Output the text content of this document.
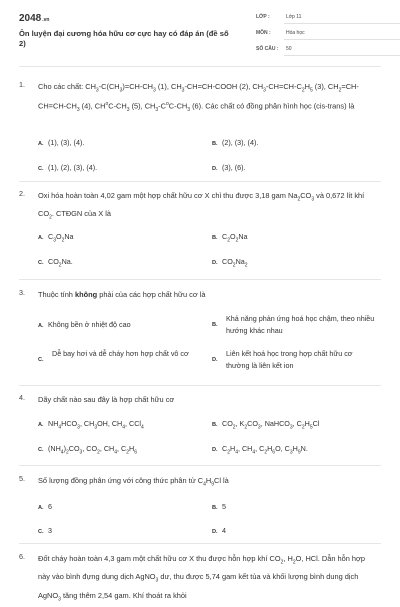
2048.vn
Ôn luyện đại cương hóa hữu cơ cực hay có đáp án (đề số 2)
LỚP :	Lớp 11
MÔN :	Hóa học
SỐ CÂU : 50
1. Cho các chất: $CH_3-C(CH_3)=CH-CH_3$ (1), $CH_3-CH=CH$-COOH (2), $CH_3-CH=CH-C_2H_5$ (3), $CH_2=CH-CH=CH-CH_3$ (4), $CH^oC-CH_3$ (5), $CH_3-C^oC-CH_3$ (6). Các chất có đồng phân hình học (cis-trans) là
A. (1), (3), (4).	B. (2), (3), (4).
C. (1), (2), (3), (4).	D. (3), (6).
2. Oxi hóa hoàn toàn 4,02 gam một hợp chất hữu cơ X chỉ thu được 3,18 gam $Na_2CO_3$ và 0,672 lít khí $CO_2$. CTĐGN của X là
A. $C_3O_2Na$	B. $C_2O_2Na$
C. $CO_2Na$.	D. $CO_2Na_2$
3. Thuộc tính không phải của các hợp chất hữu cơ là
A. Không bền ở nhiệt độ cao	B.
Khả năng phản ứng hoá học chậm, theo nhiều hướng khác nhau
C.
Dễ bay hơi và dễ cháy hơn hợp chất vô cơ
D.
Liên kết hoá học trong hợp chất hữu cơ thường là liên kết ion
4. Dãy chất nào sau đây là hợp chất hữu cơ
A. $NH_4HCO_3$, $CH_3OH$, $CH_4$, CCl$_4$	B. $CO_2$, $K_2CO_3$, NaHCO$_3$, $C_2H_5Cl$
C. $(NH_4)_2CO_3$, $CO_2$, $CH_4$, $C_2H_6$	D. $C_2H_4$, $CH_4$, $C_2H_6O$, $C_3H_9N$.
5. Số lượng đồng phân ứng với công thức phân tử $C_4H_9Cl$ là
A. 6	B. 5
C. 3	D. 4
6. Đốt cháy hoàn toàn 4,3 gam một chất hữu cơ X thu được hỗn hợp khí $CO_2$, $H_2O$, HCl. Dẫn hỗn hợp này vào bình đựng dung dịch AgNO$_3$ dư, thu được 5,74 gam kết tủa và khối lượng bình dung dịch AgNO$_3$ tăng thêm 2,54 gam. Khí thoát ra khỏi
